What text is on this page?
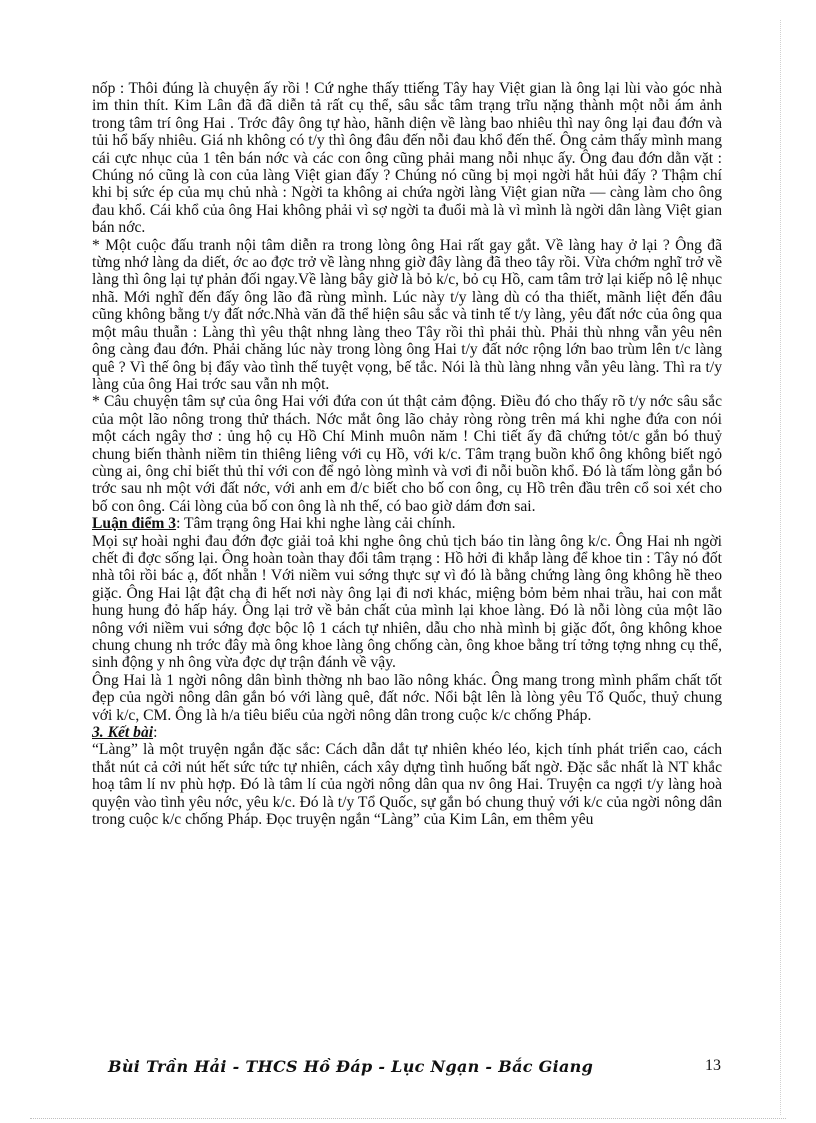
nốp : Thôi đúng là chuyện ấy rồi ! Cứ nghe thấy ttiếng Tây hay Việt gian là ông lại lùi vào góc nhà im thin thít. Kim Lân đã đã diễn tả rất cụ thể, sâu sắc tâm trạng trĩu nặng thành một nỗi ám ảnh trong tâm trí ông Hai . Trớc đây ông tự hào, hãnh diện về làng bao nhiêu thì nay ông lại đau đớn và tủi hổ bấy nhiêu. Giá nh không có t/y thì ông đâu đến nỗi đau khổ đến thế. Ông cảm thấy mình mang cái cực nhục của 1 tên bán nớc và các con ông cũng phải mang nỗi nhục ấy. Ông đau đớn dằn vặt : Chúng nó cũng là con của làng Việt gian đấy ? Chúng nó cũng bị mọi ngời hắt hủi đấy ? Thậm chí khi bị sức ép của mụ chủ nhà : Ngời ta không ai chứa ngời làng Việt gian nữa — càng làm cho ông đau khổ. Cái khổ của ông Hai không phải vì sợ ngời ta đuổi mà là vì mình là ngời dân làng Việt gian bán nớc.

* Một cuộc đấu tranh nội tâm diễn ra trong lòng ông Hai rất gay gắt. Về làng hay ở lại ? Ông đã từng nhớ làng da diết, ớc ao đợc trở về làng nhng giờ đây làng đã theo tây rồi. Vừa chớm nghĩ trở về làng thì ông lại tự phản đối ngay.Về làng bây giờ là bỏ k/c, bỏ cụ Hồ, cam tâm trở lại kiếp nô lệ nhục nhã. Mới nghĩ đến đấy ông lão đã rùng mình. Lúc này t/y làng dù có tha thiết, mãnh liệt đến đâu cũng không bằng t/y đất nớc.Nhà văn đã thể hiện sâu sắc và tinh tế t/y làng, yêu đất nớc của ông qua một mâu thuẫn : Làng thì yêu thật nhng làng theo Tây rồi thì phải thù. Phải thù nhng vẫn yêu nên ông càng đau đớn. Phải chăng lúc này trong lòng ông Hai t/y đất nớc rộng lớn bao trùm lên t/c làng quê ? Vì thế ông bị đẩy vào tình thế tuyệt vọng, bế tắc. Nói là thù làng nhng vẫn yêu làng. Thì ra t/y làng của ông Hai trớc sau vẫn nh một.

* Câu chuyện tâm sự của ông Hai với đứa con út thật cảm động. Điều đó cho thấy rõ t/y nớc sâu sắc của một lão nông trong thử thách. Nớc mắt ông lão chảy ròng ròng trên má khi nghe đứa con nói một cách ngây thơ : ủng hộ cụ Hồ Chí Minh muôn năm ! Chi tiết ấy đã chứng tỏt/c gắn bó thuỷ chung biến thành niềm tin thiêng liêng với cụ Hồ, với k/c. Tâm trạng buồn khổ ông không biết ngỏ cùng ai, ông chỉ biết thủ thỉ với con để ngỏ lòng mình và vơi đi nỗi buồn khổ. Đó là tấm lòng gắn bó trớc sau nh một với đất nớc, với anh em đ/c biết cho bố con ông, cụ Hồ trên đầu trên cổ soi xét cho bố con ông. Cái lòng của bố con ông là nh thế, có bao giờ dám đơn sai.

Luận điểm 3: Tâm trạng ông Hai khi nghe làng cải chính.

Mọi sự hoài nghi đau đớn đợc giải toả khi nghe ông chủ tịch báo tin làng ông k/c. Ông Hai nh ngời chết đi đợc sống lại. Ông hoàn toàn thay đổi tâm trạng : Hồ hởi đi khắp làng để khoe tin : Tây nó đốt nhà tôi rồi bác ạ, đốt nhẵn ! Với niềm vui sớng thực sự vì đó là bằng chứng làng ông không hề theo giặc. Ông Hai lật đật chạ đi hết nơi này ông lại đi nơi khác, miệng bỏm bẻm nhai trầu, hai con mắt hung hung đỏ hấp háy. Ông lại trở về bản chất của mình lại khoe làng. Đó là nỗi lòng của một lão nông với niềm vui sớng đợc bộc lộ 1 cách tự nhiên, dẫu cho nhà mình bị giặc đốt, ông không khoe chung chung nh trớc đây mà ông khoe làng ông chống càn, ông khoe bằng trí tởng tợng nhng cụ thể, sinh động y nh ông vừa đợc dự trận đánh về vậy.

Ông Hai là 1 ngời nông dân bình thờng nh bao lão nông khác. Ông mang trong mình phẩm chất tốt đẹp của ngời nông dân gắn bó với làng quê, đất nớc. Nổi bật lên là lòng yêu Tổ Quốc, thuỷ chung với k/c, CM. Ông là h/a tiêu biểu của ngời nông dân trong cuộc k/c chống Pháp.

3. Kết bài:

“Làng” là một truyện ngắn đặc sắc: Cách dẫn dắt tự nhiên khéo léo, kịch tính phát triển cao, cách thắt nút cả cởi nút hết sức tức tự nhiên, cách xây dựng tình huống bất ngờ. Đặc sắc nhất là NT khắc hoạ tâm lí nv phù hợp. Đó là tâm lí của ngời nông dân qua nv ông Hai. Truyện ca ngợi t/y làng hoà quyện vào tình yêu nớc, yêu k/c. Đó là t/y Tổ Quốc, sự gắn bó chung thuỷ với k/c của ngời nông dân trong cuộc k/c chống Pháp. Đọc truyện ngắn “Làng” của Kim Lân, em thêm yêu

Bùi Trần Hải - THCS Hồ Đáp - Lục Ngạn - Bắc Giang	13
